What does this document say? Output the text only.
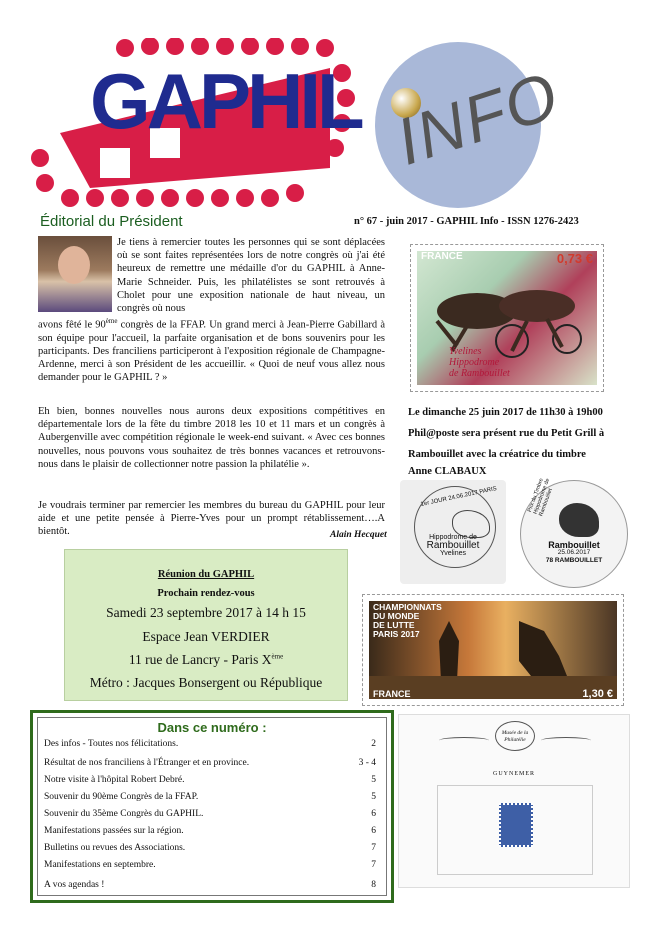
GAPHIL INFO
Éditorial du Président	n° 67 - juin 2017 - GAPHIL Info - ISSN 1276-2423
Je tiens à remercier toutes les personnes qui se sont déplacées où se sont faites représentées lors de notre congrès où j'ai été heureux de remettre une médaille d'or du GAPHIL à Anne-Marie Schneider. Puis, les philatélistes se sont retrouvés à Cholet pour une exposition nationale de haut niveau, un congrès où nous
avons fêté le 90ème congrès de la FFAP. Un grand merci à Jean-Pierre Gabillard à son équipe pour l'accueil, la parfaite organisation et de bons souvenirs pour les participants. Des franciliens participeront à l'exposition régionale de Champagne-Ardenne, merci à son Président de les accueillir. « Quoi de neuf vous allez nous demander pour le GAPHIL ? »
Eh bien, bonnes nouvelles nous aurons deux expositions compétitives en départementale lors de la fête du timbre 2018 les 10 et 11 mars et un congrès à Aubergenville avec compétition régionale le week-end suivant. « Avec ces bonnes nouvelles, nous pouvons vous souhaitez de très bonnes vacances et retrouvons-nous dans le plaisir de collectionner notre passion la philatélie ».
Je voudrais terminer par remercier les membres du bureau du GAPHIL pour leur aide et une petite pensée à Pierre-Yves pour un prompt rétablissement….A bientôt.	Alain Hecquet
FRANCE	0,73 €
Yvelines
Hippodrome
de Rambouillet
Le dimanche 25 juin 2017 de 11h30 à 19h00
Phil@poste sera présent rue du Petit Grill à
Rambouillet avec la créatrice du timbre
Anne CLABAUX
1er JOUR 24.06.2017 PARIS
Hippodrome de
Rambouillet
Yvelines
Prix du Timbre Hippodrome de Rambouillet
Rambouillet
25.06.2017
78 RAMBOUILLET
CHAMPIONNATS
DU MONDE
DE LUTTE
PARIS 2017
FRANCE	1,30 €
Réunion du GAPHIL
Prochain rendez-vous
Samedi 23 septembre 2017 à 14 h 15
Espace Jean VERDIER
11 rue de Lancry - Paris Xème
Métro : Jacques Bonsergent ou République
Dans ce numéro :
Des infos - Toutes nos félicitations.	2
Résultat de nos franciliens à l'Étranger et en province.	3 - 4
Notre visite à l'hôpital Robert Debré.	5
Souvenir du 90ème Congrès de la FFAP.	5
Souvenir du 35ème Congrès du GAPHIL.	6
Manifestations passées sur la région.	6
Bulletins ou revues des Associations.	7
Manifestations en septembre.	7
A vos agendas !	8
Musée de la Philatélie
GUYNEMER
